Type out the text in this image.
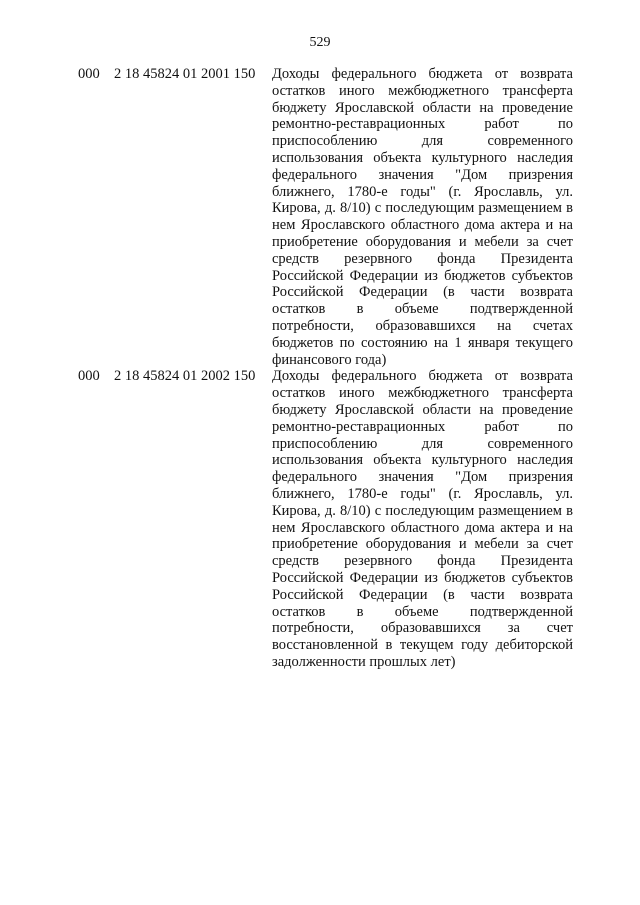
529
000 2 18 45824 01 2001 150	Доходы федерального бюджета от возврата остатков иного межбюджетного трансферта бюджету Ярославской области на проведение ремонтно-реставрационных работ по приспособлению для современного использования объекта культурного наследия федерального значения "Дом призрения ближнего, 1780-е годы" (г. Ярославль, ул. Кирова, д. 8/10) с последующим размещением в нем Ярославского областного дома актера и на приобретение оборудования и мебели за счет средств резервного фонда Президента Российской Федерации из бюджетов субъектов Российской Федерации (в части возврата остатков в объеме подтвержденной потребности, образовавшихся на счетах бюджетов по состоянию на 1 января текущего финансового года)
000 2 18 45824 01 2002 150	Доходы федерального бюджета от возврата остатков иного межбюджетного трансферта бюджету Ярославской области на проведение ремонтно-реставрационных работ по приспособлению для современного использования объекта культурного наследия федерального значения "Дом призрения ближнего, 1780-е годы" (г. Ярославль, ул. Кирова, д. 8/10) с последующим размещением в нем Ярославского областного дома актера и на приобретение оборудования и мебели за счет средств резервного фонда Президента Российской Федерации из бюджетов субъектов Российской Федерации (в части возврата остатков в объеме подтвержденной потребности, образовавшихся за счет восстановленной в текущем году дебиторской задолженности прошлых лет)
